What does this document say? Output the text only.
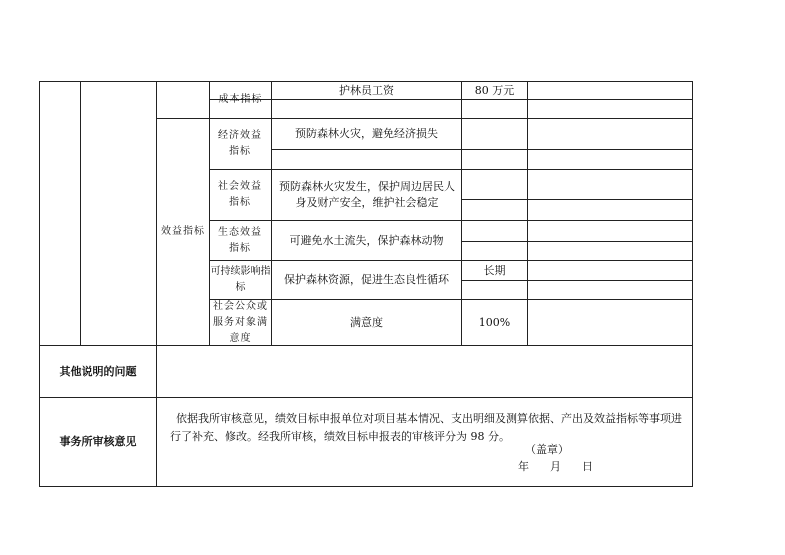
成本指标
护林员工资	80 万元
效益指标
经济效益指标
预防森林火灾，避免经济损失
社会效益指标
预防森林火灾发生，保护周边居民人身及财产安全，维护社会稳定
生态效益指标
可避免水土流失，保护森林动物
可持续影响指标
保护森林资源，促进生态良性循环
长期
社会公众或服务对象满意度
满意度	100%
其他说明的问题
事务所审核意见
依据我所审核意见，绩效目标申报单位对项目基本情况、支出明细及测算依据、产出及效益指标等事项进行了补充、修改。经我所审核，绩效目标申报表的审核评分为 98 分。
（盖章）
年      月      日
